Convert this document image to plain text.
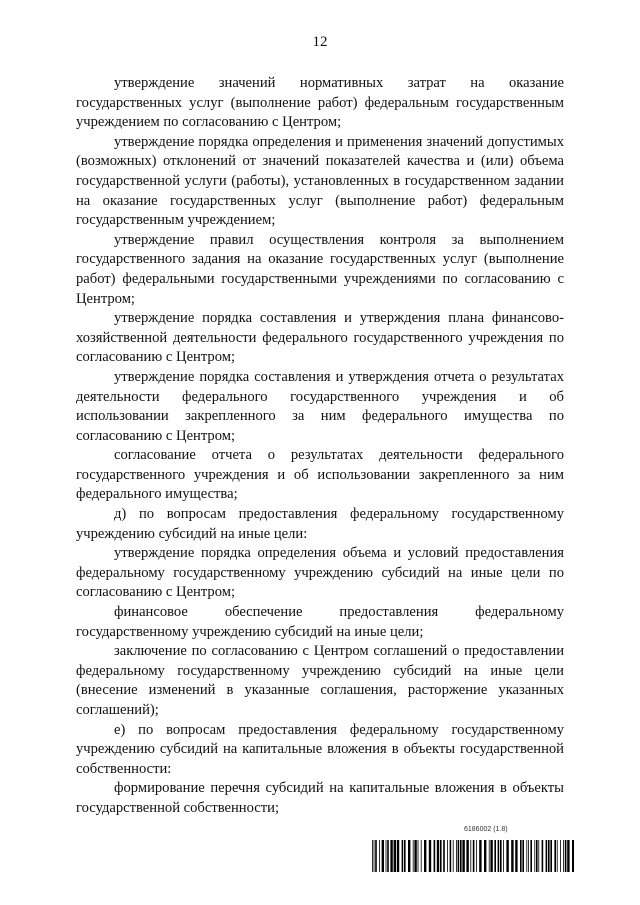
12

утверждение значений нормативных затрат на оказание государственных услуг (выполнение работ) федеральным государственным учреждением по согласованию с Центром;

утверждение порядка определения и применения значений допустимых (возможных) отклонений от значений показателей качества и (или) объема государственной услуги (работы), установленных в государственном задании на оказание государственных услуг (выполнение работ) федеральным государственным учреждением;

утверждение правил осуществления контроля за выполнением государственного задания на оказание государственных услуг (выполнение работ) федеральными государственными учреждениями по согласованию с Центром;

утверждение порядка составления и утверждения плана финансово-хозяйственной деятельности федерального государственного учреждения по согласованию с Центром;

утверждение порядка составления и утверждения отчета о результатах деятельности федерального государственного учреждения и об использовании закрепленного за ним федерального имущества по согласованию с Центром;

согласование отчета о результатах деятельности федерального государственного учреждения и об использовании закрепленного за ним федерального имущества;

д) по вопросам предоставления федеральному государственному учреждению субсидий на иные цели:

утверждение порядка определения объема и условий предоставления федеральному государственному учреждению субсидий на иные цели по согласованию с Центром;

финансовое обеспечение предоставления федеральному государственному учреждению субсидий на иные цели;

заключение по согласованию с Центром соглашений о предоставлении федеральному государственному учреждению субсидий на иные цели (внесение изменений в указанные соглашения, расторжение указанных соглашений);

е) по вопросам предоставления федеральному государственному учреждению субсидий на капитальные вложения в объекты государственной собственности:

формирование перечня субсидий на капитальные вложения в объекты государственной собственности;

6186002 (1.8)
